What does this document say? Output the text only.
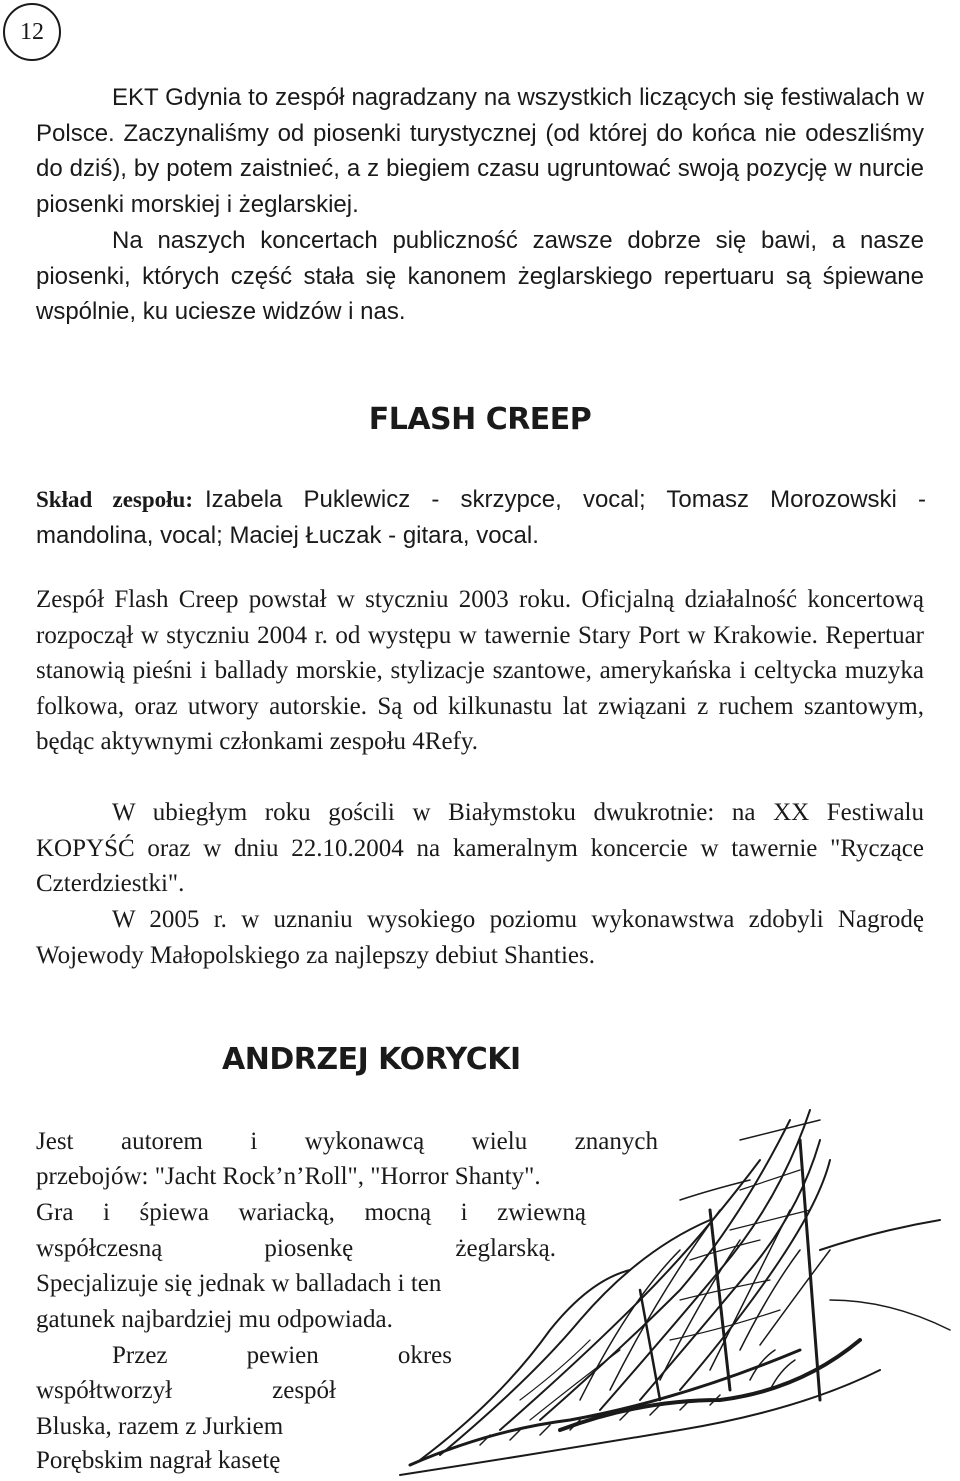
12

EKT Gdynia to zespół nagradzany na wszystkich liczących się festiwalach w Polsce. Zaczynaliśmy od piosenki turystycznej (od której do końca nie odeszliśmy do dziś), by potem zaistnieć, a z biegiem czasu ugruntować swoją pozycję w nurcie piosenki morskiej i żeglarskiej.

Na naszych koncertach publiczność zawsze dobrze się bawi, a nasze piosenki, których część stała się kanonem żeglarskiego repertuaru są śpiewane wspólnie, ku uciesze widzów i nas.

FLASH CREEP

Skład zespołu: Izabela Puklewicz - skrzypce, vocal; Tomasz Morozowski - mandolina, vocal; Maciej Łuczak - gitara, vocal.

Zespół Flash Creep powstał w styczniu 2003 roku. Oficjalną działalność koncertową rozpoczął w styczniu 2004 r. od występu w tawernie Stary Port w Krakowie. Repertuar stanowią pieśni i ballady morskie, stylizacje szantowe, amerykańska i celtycka muzyka folkowa, oraz utwory autorskie. Są od kilkunastu lat związani z ruchem szantowym, będąc aktywnymi członkami zespołu 4Refy.

W ubiegłym roku gościli w Białymstoku dwukrotnie: na XX Festiwalu KOPYŚĆ oraz w dniu 22.10.2004 na kameralnym koncercie w tawernie "Ryczące Czterdziestki".

W 2005 r. w uznaniu wysokiego poziomu wykonawstwa zdobyli Nagrodę Wojewody Małopolskiego za najlepszy debiut Shanties.

ANDRZEJ KORYCKI
Jest autorem i wykonawcą wielu znanych
przebojów: "Jacht Rock’n’Roll", "Horror Shanty".
Gra i śpiewa wariacką, mocną i zwiewną
współczesną	piosenkę	żeglarską.
Specjalizuje się jednak w balladach i ten
gatunek najbardziej mu odpowiada.
Przez	pewien	okres
współtworzył	zespół
Bluska, razem z Jurkiem
Porębskim nagrał kasetę
